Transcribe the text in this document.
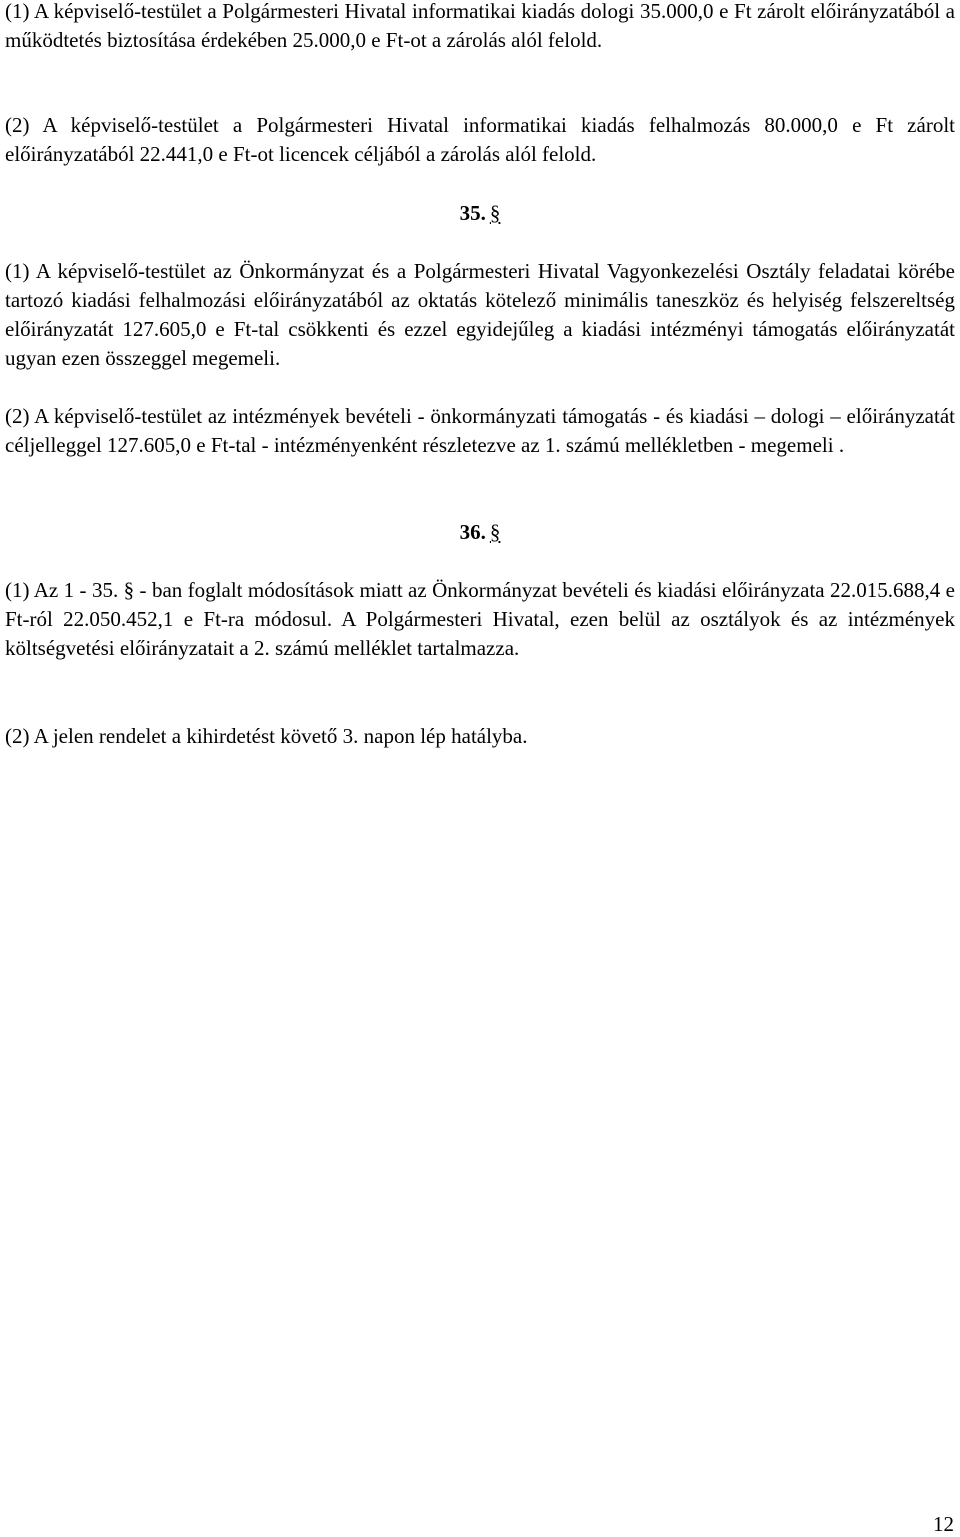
(1) A képviselő-testület a Polgármesteri Hivatal informatikai kiadás dologi 35.000,0 e Ft zárolt előirányzatából a működtetés biztosítása érdekében 25.000,0 e Ft-ot a zárolás alól felold.

(2) A képviselő-testület a Polgármesteri Hivatal informatikai kiadás felhalmozás 80.000,0 e Ft zárolt előirányzatából 22.441,0 e Ft-ot licencek céljából a zárolás alól felold.

35. §

(1) A képviselő-testület az Önkormányzat és a Polgármesteri Hivatal Vagyonkezelési Osztály feladatai körébe tartozó kiadási felhalmozási előirányzatából az oktatás kötelező minimális taneszköz és helyiség felszereltség előirányzatát 127.605,0 e Ft-tal csökkenti és ezzel egyidejűleg a kiadási intézményi támogatás előirányzatát ugyan ezen összeggel megemeli.

(2) A képviselő-testület az intézmények bevételi - önkormányzati támogatás - és kiadási – dologi – előirányzatát céljelleggel 127.605,0 e Ft-tal - intézményenként részletezve az 1. számú mellékletben - megemeli .

36. §

(1) Az 1 - 35. § - ban foglalt módosítások miatt az Önkormányzat bevételi és kiadási előirányzata 22.015.688,4 e Ft-ról 22.050.452,1 e Ft-ra módosul. A Polgármesteri Hivatal, ezen belül az osztályok és az intézmények költségvetési előirányzatait a 2. számú melléklet tartalmazza.

(2) A jelen rendelet a kihirdetést követő 3. napon lép hatályba.

12
